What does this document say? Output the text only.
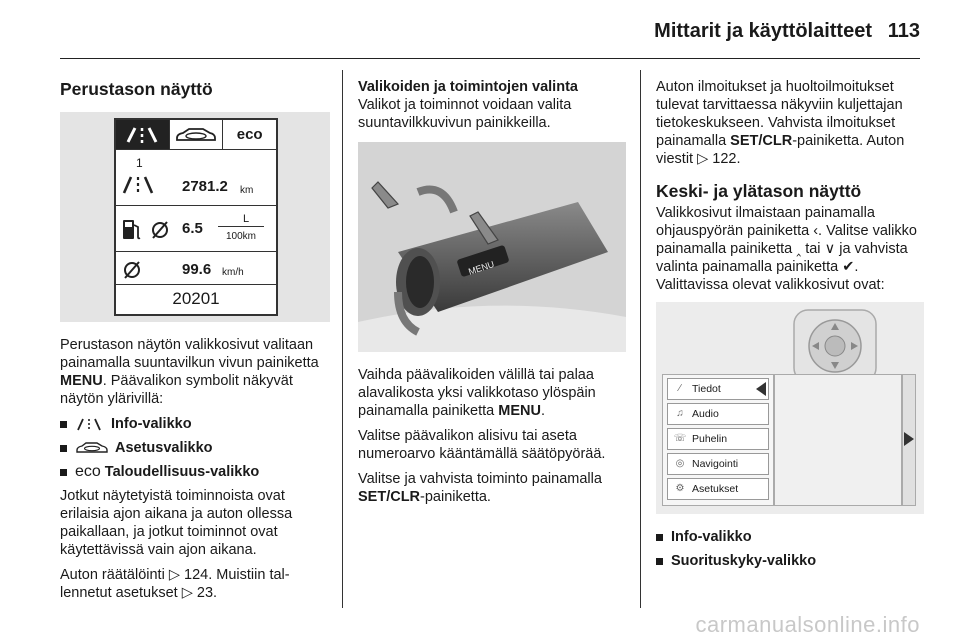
Mittarit ja käyttölaitteet 113
Perustason näyttö
eco
1
2781.2 km
6.5
L
100km
99.6 km/h
20201

Perustason näytön valikkosivut valitaan painamalla suuntavilkun vivun painiketta MENU. Päävalikon symbolit näkyvät näytön ylärivillä:

Info-valikko
Asetusvalikko
eco Taloudellisuus-valikko

Jotkut näytetyistä toiminnoista ovat erilaisia ajon aikana ja auton ollessa paikallaan, ja jotkut toiminnot ovat käytettävissä vain ajon aikana.

Auton räätälöinti ▷ 124. Muistiin tallennetut asetukset ▷ 23.

Valikoiden ja toimintojen valinta

Valikot ja toiminnot voidaan valita suuntavilkkuvivun painikkeilla.

MENU

Vaihda päävalikoiden välillä tai palaa alavalikosta yksi valikkotaso ylöspäin painamalla painiketta MENU.

Valitse päävalikon alisivu tai aseta numeroarvo kääntämällä säätöpyörää.

Valitse ja vahvista toiminto painamalla SET/CLR-painiketta.

Auton ilmoitukset ja huoltoilmoitukset tulevat tarvittaessa näkyviin kuljettajan tietokeskukseen. Vahvista ilmoitukset painamalla SET/CLR-painiketta. Auton viestit ▷ 122.

Keski- ja ylätason näyttö

Valikkosivut ilmaistaan painamalla ohjauspyörän painiketta ‹. Valitse valikko painamalla painiketta ‸ tai ∨ ja vahvista valinta painamalla painiketta ✔. Valittavissa olevat valikkosivut ovat:

∕	Tiedot
♫ Audio
☏ Puhelin
◎ Navigointi
⚙ Asetukset
Info-valikko
Suorituskyky-valikko
carmanualsonline.info
